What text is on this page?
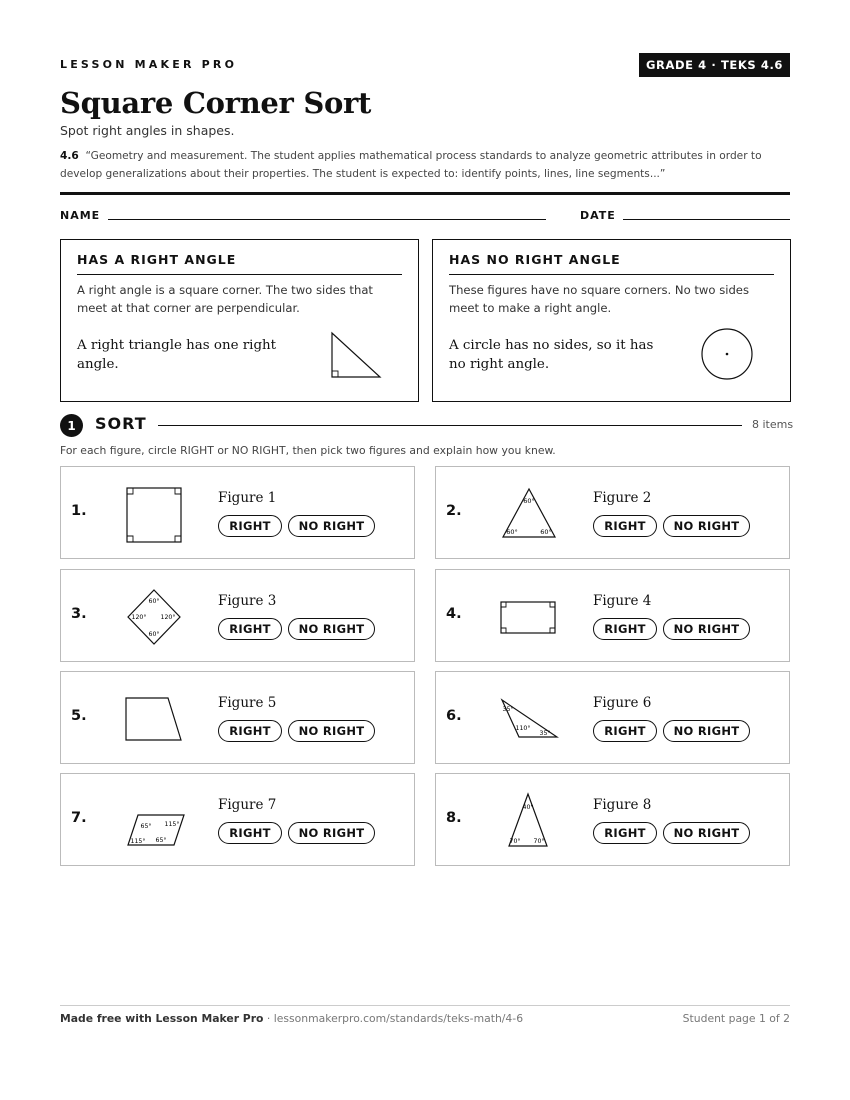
LESSON MAKER PRO	GRADE 4 · TEKS 4.6
Square Corner Sort
Spot right angles in shapes.
4.6 “Geometry and measurement. The student applies mathematical process standards to analyze geometric attributes in order to develop generalizations about their properties. The student is expected to: identify points, lines, line segments...”
NAME	DATE
HAS A RIGHT ANGLE
A right angle is a square corner. The two sides that meet at that corner are perpendicular.
A right triangle has one right angle.
HAS NO RIGHT ANGLE
These figures have no square corners. No two sides meet to make a right angle.
A circle has no sides, so it has no right angle.
1	SORT	8 items
For each figure, circle RIGHT or NO RIGHT, then pick two figures and explain how you knew.
1.
Figure 1
RIGHT	NO RIGHT
2.
60°
60°	60°
Figure 2
RIGHT	NO RIGHT
3.
60°
120° 120°
60°
Figure 3
RIGHT	NO RIGHT
4.
Figure 4
RIGHT	NO RIGHT
5.
Figure 5
RIGHT	NO RIGHT
6.	35°
110°
35°
Figure 6
RIGHT	NO RIGHT
7.
65° 115°
115° 65°
Figure 7
RIGHT	NO RIGHT
8.
40°
70° 70°
Figure 8
RIGHT	NO RIGHT
Made free with Lesson Maker Pro · lessonmakerpro.com/standards/teks-math/4-6	Student page 1 of 2
